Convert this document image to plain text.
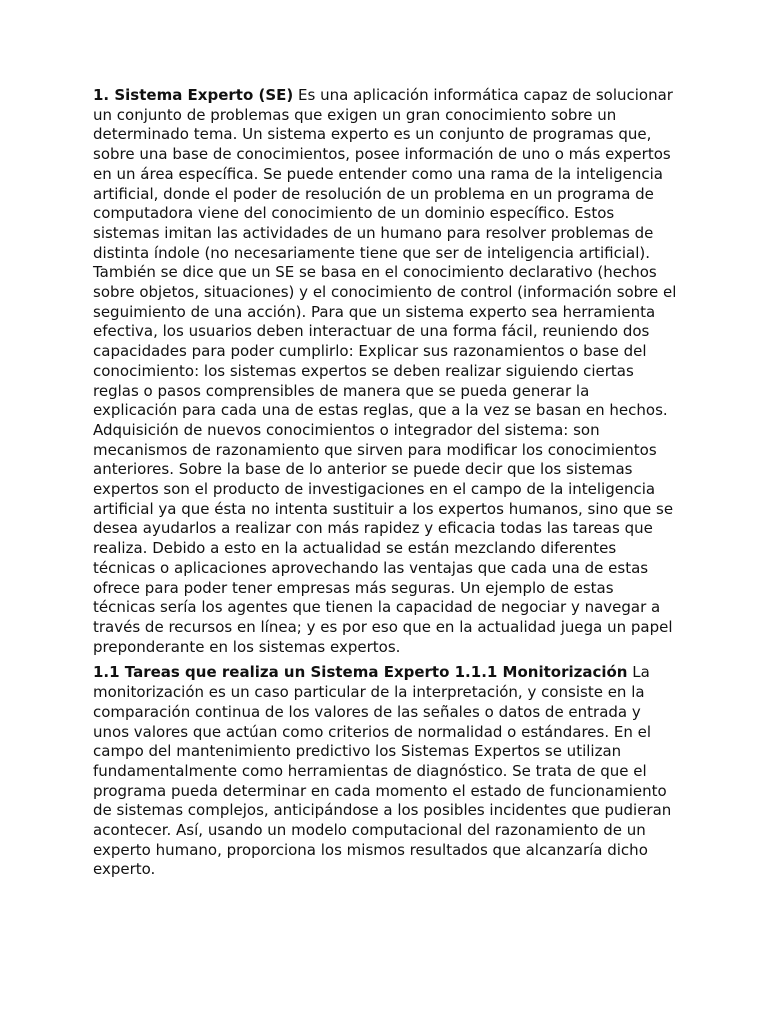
1. Sistema Experto (SE) Es una aplicación informática capaz de solucionar un conjunto de problemas que exigen un gran conocimiento sobre un determinado tema. Un sistema experto es un conjunto de programas que, sobre una base de conocimientos, posee información de uno o más expertos en un área específica. Se puede entender como una rama de la inteligencia artificial, donde el poder de resolución de un problema en un programa de computadora viene del conocimiento de un dominio específico. Estos sistemas imitan las actividades de un humano para resolver problemas de distinta índole (no necesariamente tiene que ser de inteligencia artificial). También se dice que un SE se basa en el conocimiento declarativo (hechos sobre objetos, situaciones) y el conocimiento de control (información sobre el seguimiento de una acción). Para que un sistema experto sea herramienta efectiva, los usuarios deben interactuar de una forma fácil, reuniendo dos capacidades para poder cumplirlo: Explicar sus razonamientos o base del conocimiento: los sistemas expertos se deben realizar siguiendo ciertas reglas o pasos comprensibles de manera que se pueda generar la explicación para cada una de estas reglas, que a la vez se basan en hechos. Adquisición de nuevos conocimientos o integrador del sistema: son mecanismos de razonamiento que sirven para modificar los conocimientos anteriores. Sobre la base de lo anterior se puede decir que los sistemas expertos son el producto de investigaciones en el campo de la inteligencia artificial ya que ésta no intenta sustituir a los expertos humanos, sino que se desea ayudarlos a realizar con más rapidez y eficacia todas las tareas que realiza. Debido a esto en la actualidad se están mezclando diferentes técnicas o aplicaciones aprovechando las ventajas que cada una de estas ofrece para poder tener empresas más seguras. Un ejemplo de estas técnicas sería los agentes que tienen la capacidad de negociar y navegar a través de recursos en línea; y es por eso que en la actualidad juega un papel preponderante en los sistemas expertos.

1.1 Tareas que realiza un Sistema Experto 1.1.1 Monitorización La monitorización es un caso particular de la interpretación, y consiste en la comparación continua de los valores de las señales o datos de entrada y unos valores que actúan como criterios de normalidad o estándares. En el campo del mantenimiento predictivo los Sistemas Expertos se utilizan fundamentalmente como herramientas de diagnóstico. Se trata de que el programa pueda determinar en cada momento el estado de funcionamiento de sistemas complejos, anticipándose a los posibles incidentes que pudieran acontecer. Así, usando un modelo computacional del razonamiento de un experto humano, proporciona los mismos resultados que alcanzaría dicho experto.
